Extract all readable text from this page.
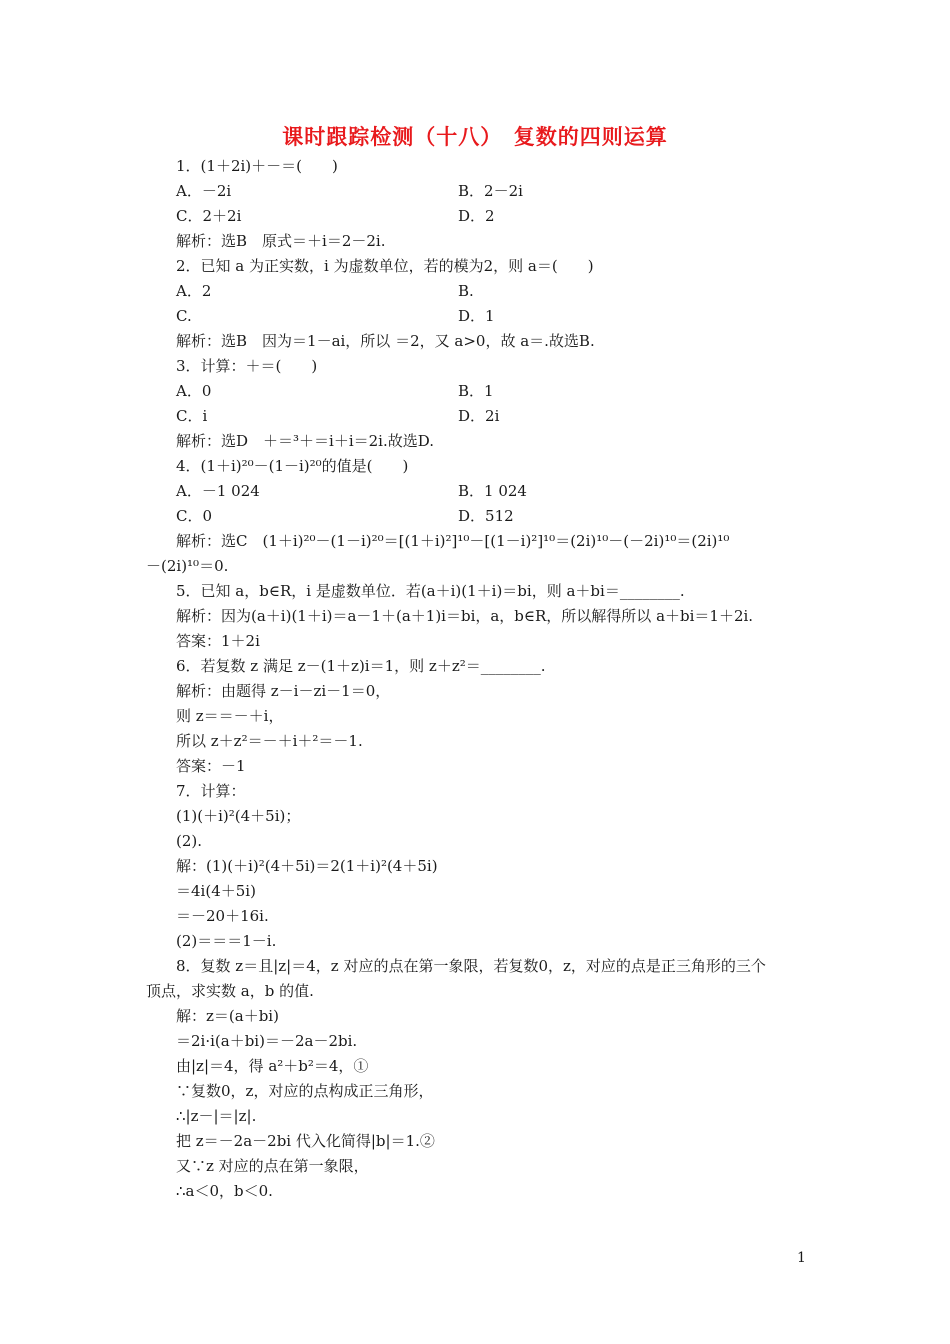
课时跟踪检测（十八）　复数的四则运算
1．(1＋2i)＋－＝(　　)
A．－2i	B．2－2i
C．2＋2i	D．2
解析：选B　原式＝＋i＝2－2i.
2．已知 a 为正实数，i 为虚数单位，若的模为2，则 a＝(　　)
A．2	B.
C.	D．1
解析：选B　因为＝1－ai，所以 ＝2，又 a>0，故 a＝.故选B.
3．计算：＋＝(　　)
A．0	B．1
C．i	D．2i
解析：选D　＋＝³＋＝i＋i＝2i.故选D.
4．(1＋i)²⁰－(1－i)²⁰的值是(　　)
A．－1 024	B．1 024
C．0	D．512
解析：选C　(1＋i)²⁰－(1－i)²⁰＝[(1＋i)²]¹⁰－[(1－i)²]¹⁰＝(2i)¹⁰－(－2i)¹⁰＝(2i)¹⁰
－(2i)¹⁰＝0.
5．已知 a，b∈R，i 是虚数单位．若(a＋i)(1＋i)＝bi，则 a＋bi＝________.
解析：因为(a＋i)(1＋i)＝a－1＋(a＋1)i＝bi，a，b∈R，所以解得所以 a＋bi＝1＋2i.
答案：1＋2i
6．若复数 z 满足 z－(1＋z)i＝1，则 z＋z²＝________.
解析：由题得 z－i－zi－1＝0，
则 z＝＝－＋i，
所以 z＋z²＝－＋i＋²＝－1.
答案：－1
7．计算：
(1)(＋i)²(4＋5i)；
(2).
解：(1)(＋i)²(4＋5i)＝2(1＋i)²(4＋5i)
＝4i(4＋5i)
＝－20＋16i.
(2)＝＝＝1－i.
8．复数 z＝且|z|＝4，z 对应的点在第一象限，若复数0，z，对应的点是正三角形的三个
顶点，求实数 a，b 的值.
解：z＝(a＋bi)
＝2i·i(a＋bi)＝－2a－2bi.
由|z|＝4，得 a²＋b²＝4，①
∵复数0，z，对应的点构成正三角形，
∴|z－|＝|z|.
把 z＝－2a－2bi 代入化简得|b|＝1.②
又∵z 对应的点在第一象限，
∴a＜0，b＜0.
1
